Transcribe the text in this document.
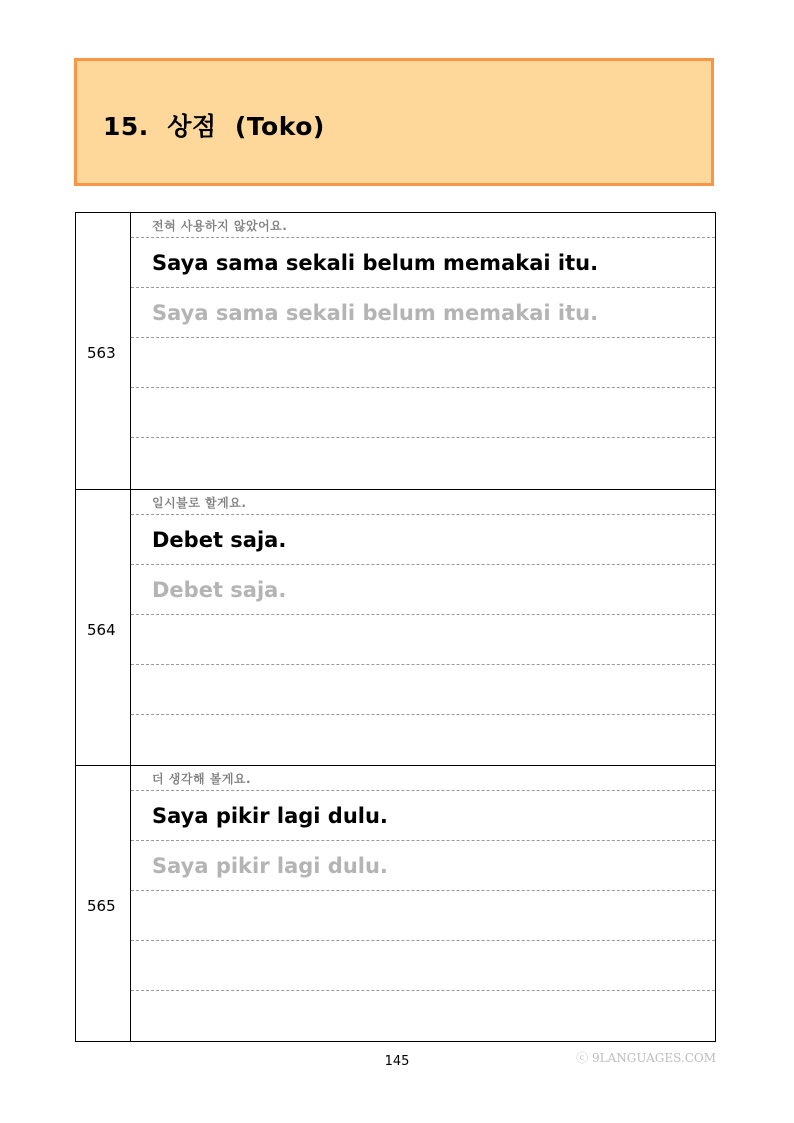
15.  상점  (Toko)
563
전혀 사용하지 않았어요.
Saya sama sekali belum memakai itu.
Saya sama sekali belum memakai itu.
564
일시불로 할게요.
Debet saja.
Debet saja.
565
더 생각해 볼게요.
Saya pikir lagi dulu.
Saya pikir lagi dulu.
145	ⓒ 9LANGUAGES.COM
